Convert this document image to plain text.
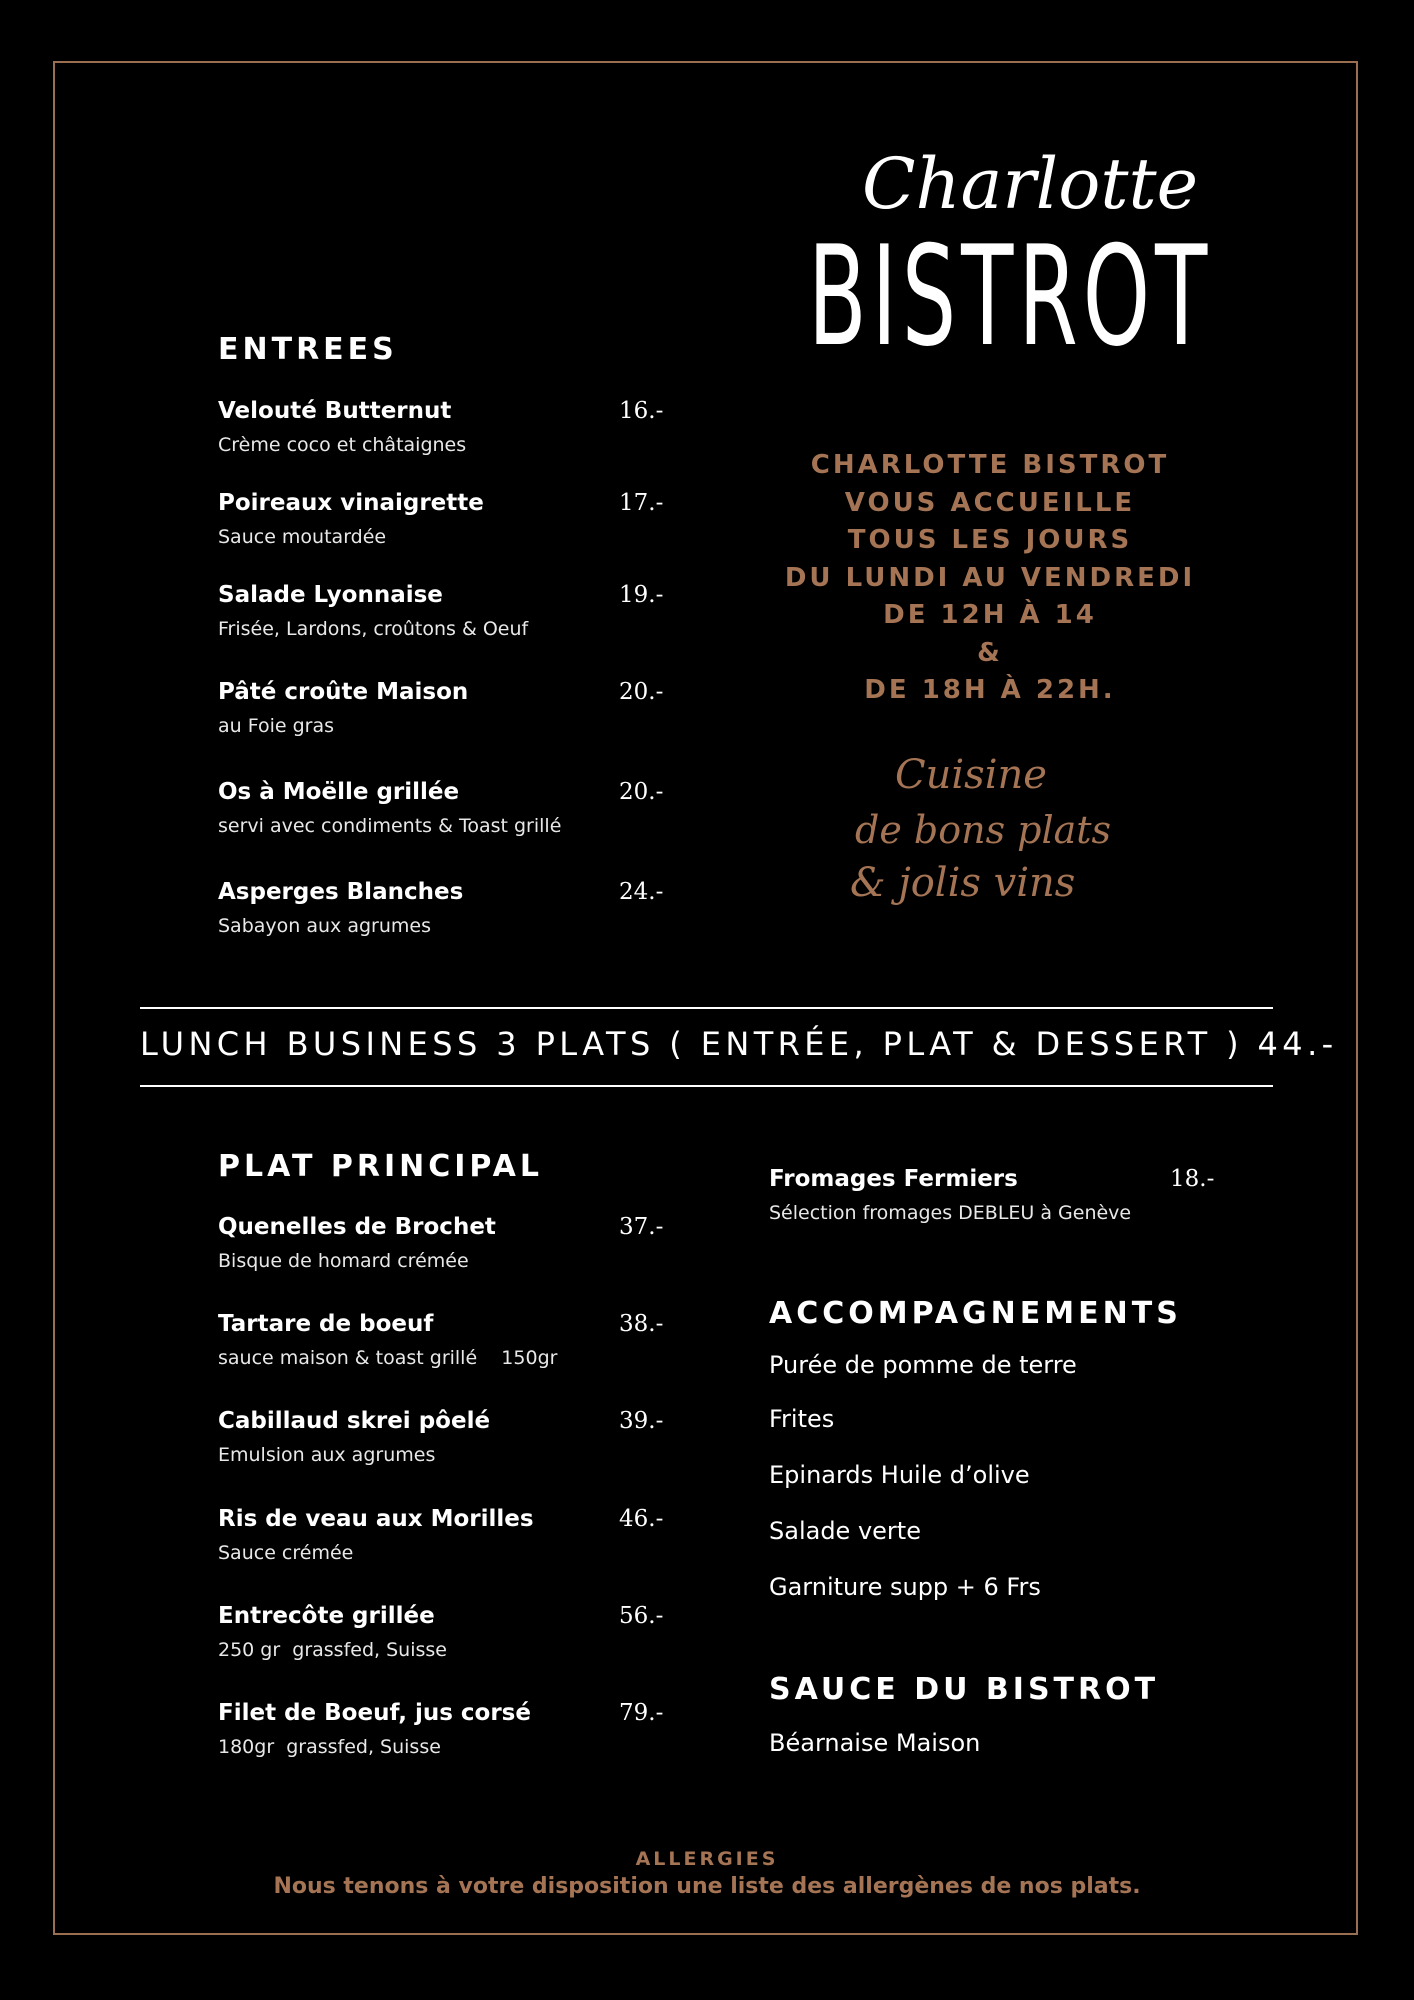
Charlotte
BISTROT
ENTREES
Velouté Butternut
Crème coco et châtaignes
16.-
Poireaux vinaigrette
Sauce moutardée
17.-
Salade Lyonnaise
Frisée, Lardons, croûtons & Oeuf
19.-
Pâté croûte Maison
au Foie gras
20.-
Os à Moëlle grillée
servi avec condiments & Toast grillé
20.-
Asperges Blanches
Sabayon aux agrumes
24.-
CHARLOTTE BISTROT
VOUS ACCUEILLE
TOUS LES JOURS
DU LUNDI AU VENDREDI
DE 12H À 14
&
DE 18H À 22H.
Cuisine
de bons plats
& jolis vins
LUNCH BUSINESS 3 PLATS ( ENTRÉE, PLAT & DESSERT ) 44.-
PLAT PRINCIPAL
Quenelles de Brochet
Bisque de homard crémée
37.-
Tartare de boeuf
sauce maison & toast grillé    150gr
38.-
Cabillaud skrei pôelé
Emulsion aux agrumes
39.-
Ris de veau aux Morilles
Sauce crémée
46.-
Entrecôte grillée
250 gr  grassfed, Suisse
56.-
Filet de Boeuf, jus corsé
180gr  grassfed, Suisse
79.-
Fromages Fermiers
Sélection fromages DEBLEU à Genève
18.-
ACCOMPAGNEMENTS
Purée de pomme de terre
Frites
Epinards Huile d’olive
Salade verte
Garniture supp + 6 Frs
SAUCE DU BISTROT
Béarnaise Maison
ALLERGIES
Nous tenons à votre disposition une liste des allergènes de nos plats.
